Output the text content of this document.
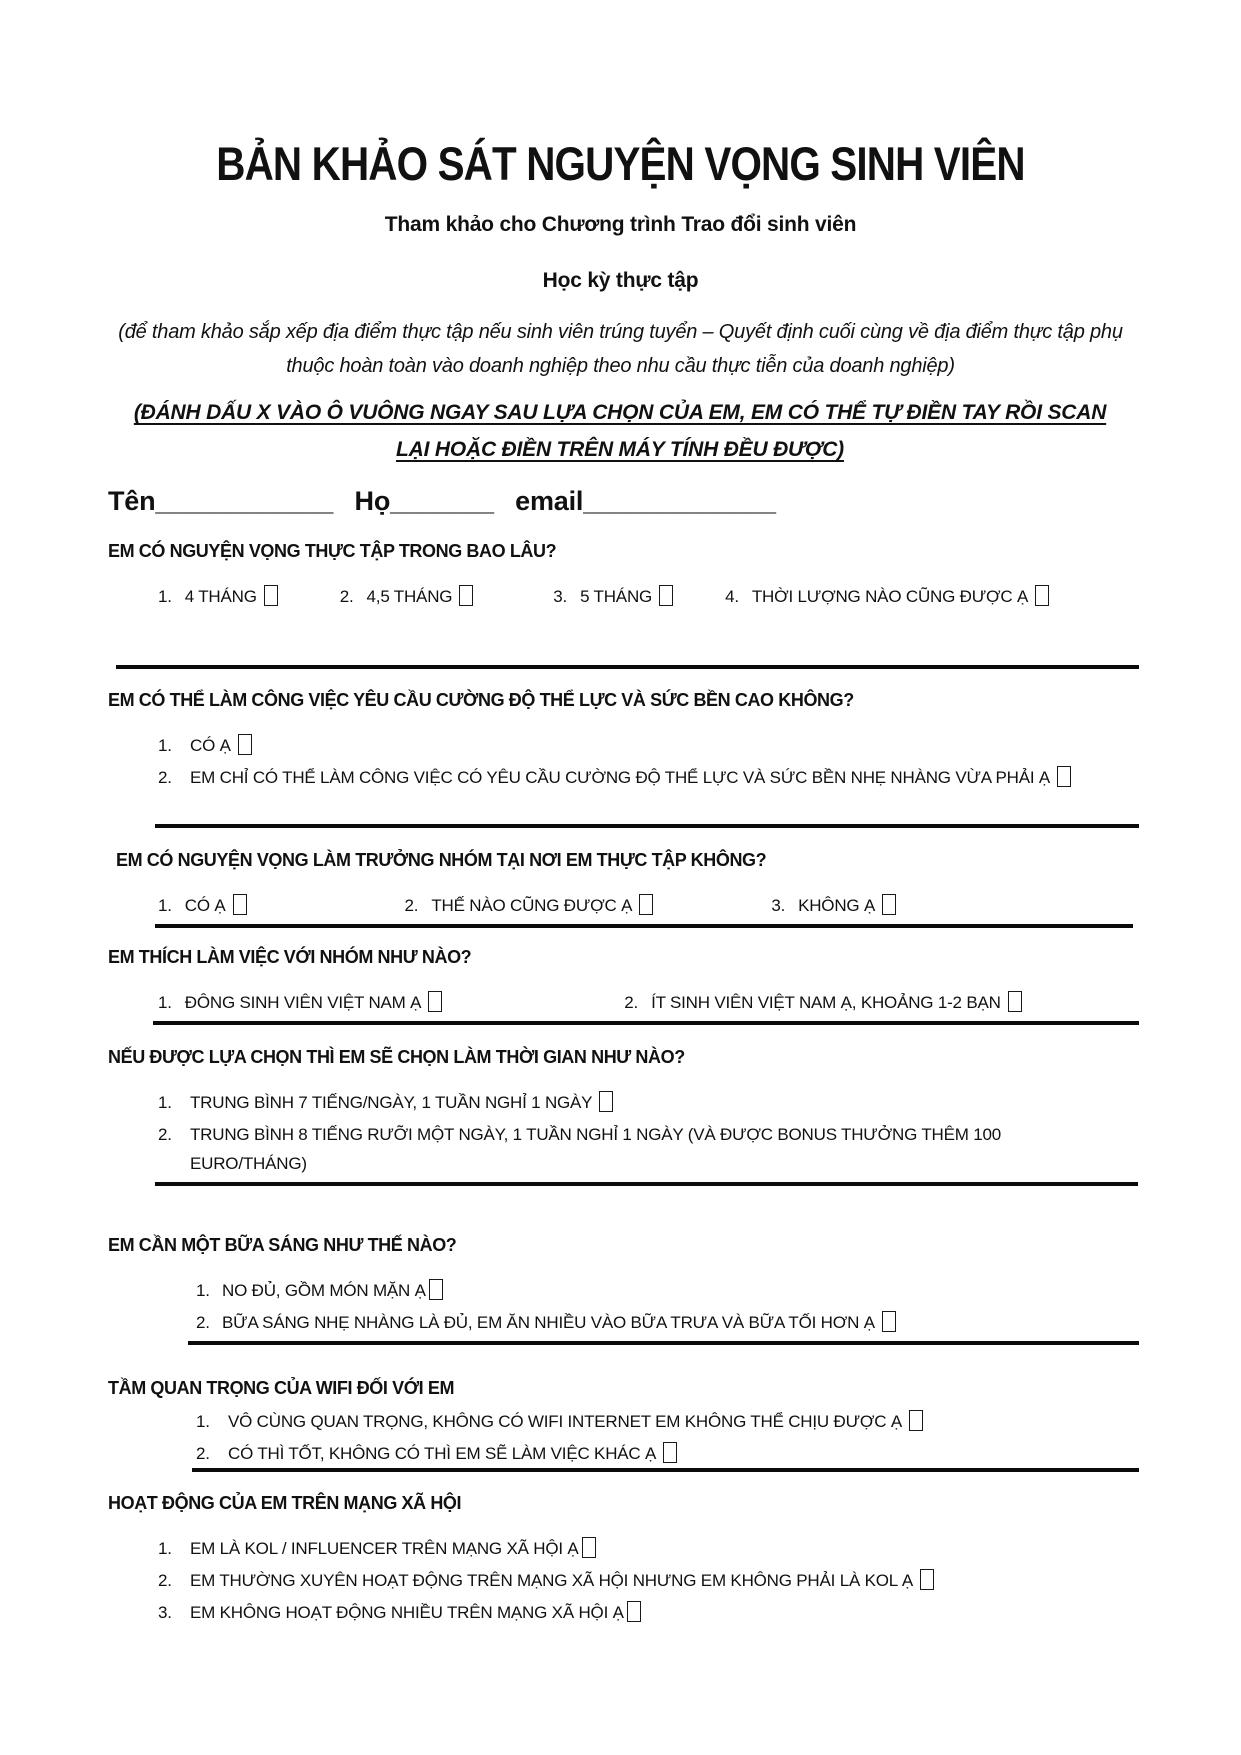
BẢN KHẢO SÁT NGUYỆN VỌNG SINH VIÊN
Tham khảo cho Chương trình Trao đổi sinh viên
Học kỳ thực tập
(để tham khảo sắp xếp địa điểm thực tập nếu sinh viên trúng tuyển – Quyết định cuối cùng về địa điểm thực tập phụ thuộc hoàn toàn vào doanh nghiệp theo nhu cầu thực tiễn của doanh nghiệp)
(ĐÁNH DẤU X VÀO Ô VUÔNG NGAY SAU LỰA CHỌN CỦA EM, EM CÓ THỂ TỰ ĐIỀN TAY RỒI SCAN LẠI HOẶC ĐIỀN TRÊN MÁY TÍNH ĐỀU ĐƯỢC)
Tên____________ Họ_______ email_____________
EM CÓ NGUYỆN VỌNG THỰC TẬP TRONG BAO LÂU?
1. 4 THÁNG	2. 4,5 THÁNG	3. 5 THÁNG	4. THỜI LƯỢNG NÀO CŨNG ĐƯỢC Ạ
EM CÓ THỂ LÀM CÔNG VIỆC YÊU CẦU CƯỜNG ĐỘ THỂ LỰC VÀ SỨC BỀN CAO KHÔNG?
1.	CÓ Ạ
2.	EM CHỈ CÓ THỂ LÀM CÔNG VIỆC CÓ YÊU CẦU CƯỜNG ĐỘ THỂ LỰC VÀ SỨC BỀN NHẸ NHÀNG VỪA PHẢI Ạ
EM CÓ NGUYỆN VỌNG LÀM TRƯỞNG NHÓM TẠI NƠI EM THỰC TẬP KHÔNG?
1. CÓ Ạ	2. THẾ NÀO CŨNG ĐƯỢC Ạ	3. KHÔNG Ạ
EM THÍCH LÀM VIỆC VỚI NHÓM NHƯ NÀO?
1. ĐÔNG SINH VIÊN VIỆT NAM Ạ	2. ÍT SINH VIÊN VIỆT NAM Ạ, KHOẢNG 1-2 BẠN
NẾU ĐƯỢC LỰA CHỌN THÌ EM SẼ CHỌN LÀM THỜI GIAN NHƯ NÀO?
1.	TRUNG BÌNH 7 TIẾNG/NGÀY, 1 TUẦN NGHỈ 1 NGÀY
2.	TRUNG BÌNH 8 TIẾNG RƯỠI MỘT NGÀY, 1 TUẦN NGHỈ 1 NGÀY (VÀ ĐƯỢC BONUS THƯỞNG THÊM 100 EURO/THÁNG)
EM CẦN MỘT BỮA SÁNG NHƯ THẾ NÀO?
1. NO ĐỦ, GỒM MÓN MẶN Ạ
2. BỮA SÁNG NHẸ NHÀNG LÀ ĐỦ, EM ĂN NHIỀU VÀO BỮA TRƯA VÀ BỮA TỐI HƠN Ạ
TẦM QUAN TRỌNG CỦA WIFI ĐỐI VỚI EM
1.	VÔ CÙNG QUAN TRỌNG, KHÔNG CÓ WIFI INTERNET EM KHÔNG THỂ CHỊU ĐƯỢC Ạ
2.	CÓ THÌ TỐT, KHÔNG CÓ THÌ EM SẼ LÀM VIỆC KHÁC Ạ
HOẠT ĐỘNG CỦA EM TRÊN MẠNG XÃ HỘI
1.	EM LÀ KOL / INFLUENCER TRÊN MẠNG XÃ HỘI Ạ
2.	EM THƯỜNG XUYÊN HOẠT ĐỘNG TRÊN MẠNG XÃ HỘI NHƯNG EM KHÔNG PHẢI LÀ KOL Ạ
3.	EM KHÔNG HOẠT ĐỘNG NHIỀU TRÊN MẠNG XÃ HỘI Ạ
